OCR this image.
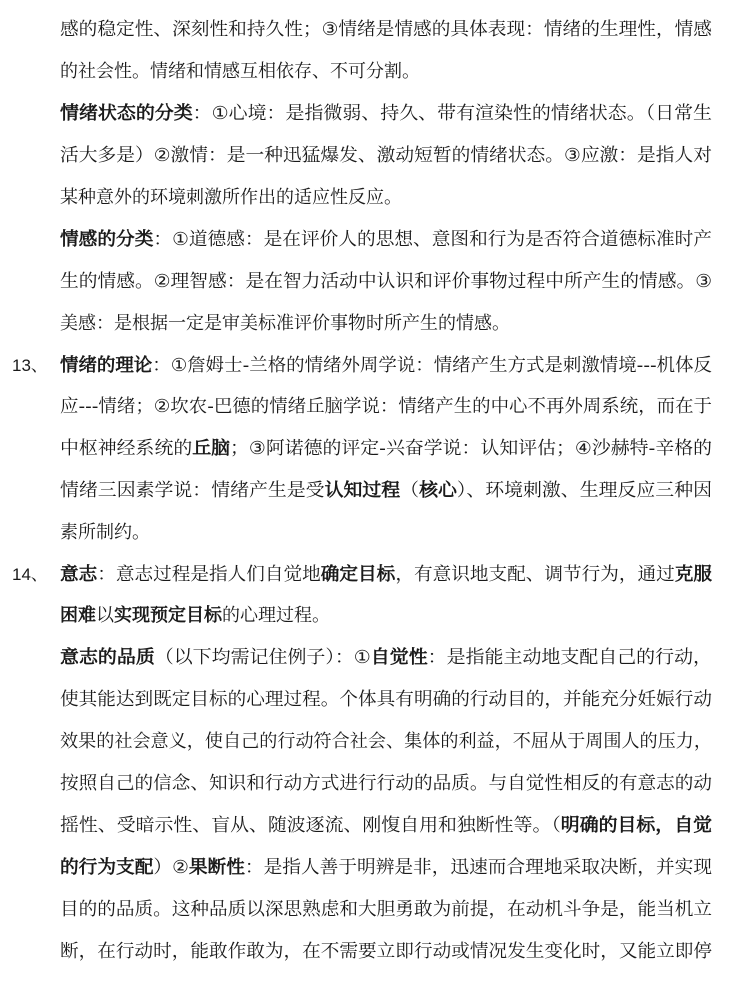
感的稳定性、深刻性和持久性；③情绪是情感的具体表现：情绪的生理性，情感
的社会性。情绪和情感互相依存、不可分割。
情绪状态的分类：①心境：是指微弱、持久、带有渲染性的情绪状态。（日常生
活大多是）②激情：是一种迅猛爆发、激动短暂的情绪状态。③应激：是指人对
某种意外的环境刺激所作出的适应性反应。
情感的分类：①道德感：是在评价人的思想、意图和行为是否符合道德标准时产
生的情感。②理智感：是在智力活动中认识和评价事物过程中所产生的情感。③
美感：是根据一定是审美标准评价事物时所产生的情感。
13、 情绪的理论：①詹姆士-兰格的情绪外周学说：情绪产生方式是刺激情境---机体反
应---情绪；②坎农-巴德的情绪丘脑学说：情绪产生的中心不再外周系统，而在于
中枢神经系统的丘脑；③阿诺德的评定-兴奋学说：认知评估；④沙赫特-辛格的
情绪三因素学说：情绪产生是受认知过程（核心）、环境刺激、生理反应三种因
素所制约。
14、 意志：意志过程是指人们自觉地确定目标，有意识地支配、调节行为，通过克服
困难以实现预定目标的心理过程。
意志的品质（以下均需记住例子）：①自觉性：是指能主动地支配自己的行动，
使其能达到既定目标的心理过程。个体具有明确的行动目的，并能充分妊娠行动
效果的社会意义，使自己的行动符合社会、集体的利益，不屈从于周围人的压力，
按照自己的信念、知识和行动方式进行行动的品质。与自觉性相反的有意志的动
摇性、受暗示性、盲从、随波逐流、刚愎自用和独断性等。（明确的目标，自觉
的行为支配）②果断性：是指人善于明辨是非，迅速而合理地采取决断，并实现
目的的品质。这种品质以深思熟虑和大胆勇敢为前提，在动机斗争是，能当机立
断，在行动时，能敢作敢为，在不需要立即行动或情况发生变化时，又能立即停
